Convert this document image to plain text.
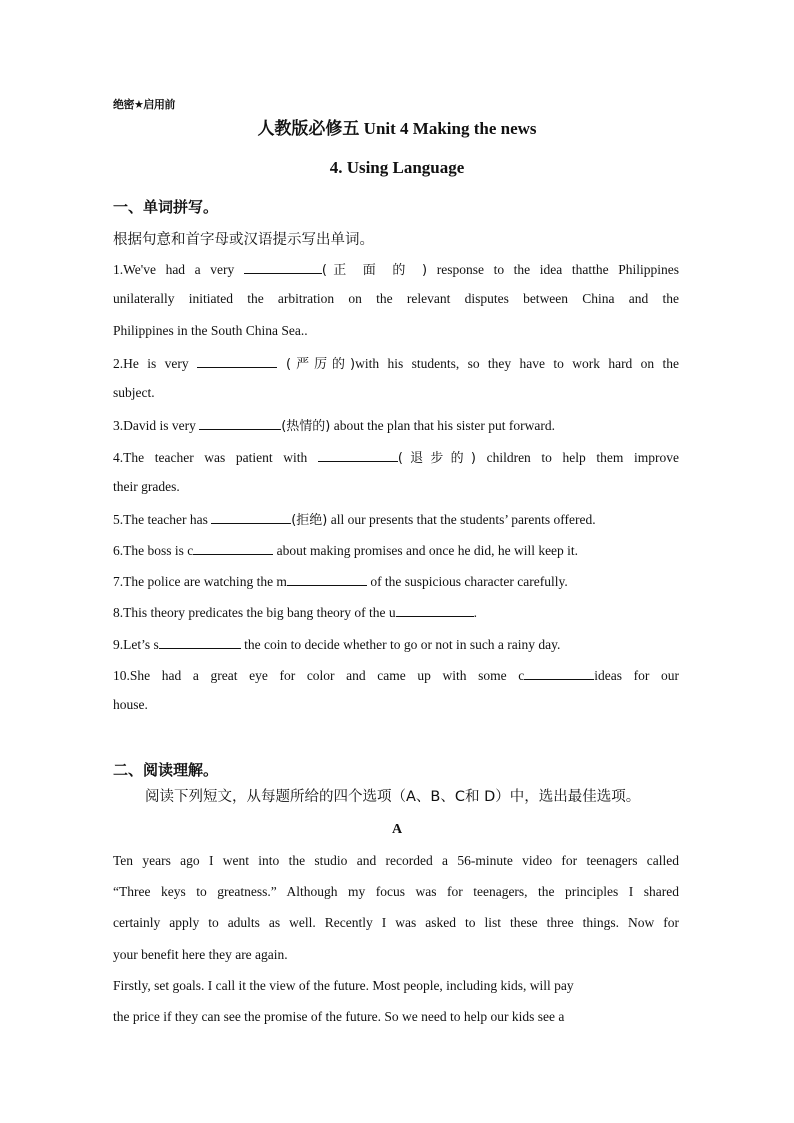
绝密★启用前
人教版必修五 Unit 4 Making the news
4. Using Language
一、单词拼写。
根据句意和首字母或汉语提示写出单词。
1.We've had a very	(正 面 的 ) response to the idea thatthe Philippines
unilaterally initiated the arbitration on the relevant disputes between China and the
Philippines in the South China Sea..
2.He is very	(严厉的)with his students, so they have to work hard on the
subject.
3.David is very	(热情的) about the plan that his sister put forward.
4.The teacher was patient with	(退步的) children to help them improve
their grades.
5.The teacher has	(拒绝) all our presents that the students’ parents offered.
6.The boss is c	about making promises and once he did, he will keep it.
7.The police are watching the m	of the suspicious character carefully.
8.This theory predicates the big bang theory of the u	.
9.Let’s s	the coin to decide whether to go or not in such a rainy day.
10.She had a great eye for color and came up with some c	ideas for our
house.
二、阅读理解。
阅读下列短文，从每题所给的四个选项（A、B、C和 D）中，选出最佳选项。
A
Ten years ago I went into the studio and recorded a 56-minute video for teenagers called
“Three keys to greatness.” Although my focus was for teenagers, the principles I shared
certainly apply to adults as well. Recently I was asked to list these three things. Now for
your benefit here they are again.
Firstly, set goals. I call it the view of the future. Most people, including kids, will pay
the price if they can see the promise of the future. So we need to help our kids see a
